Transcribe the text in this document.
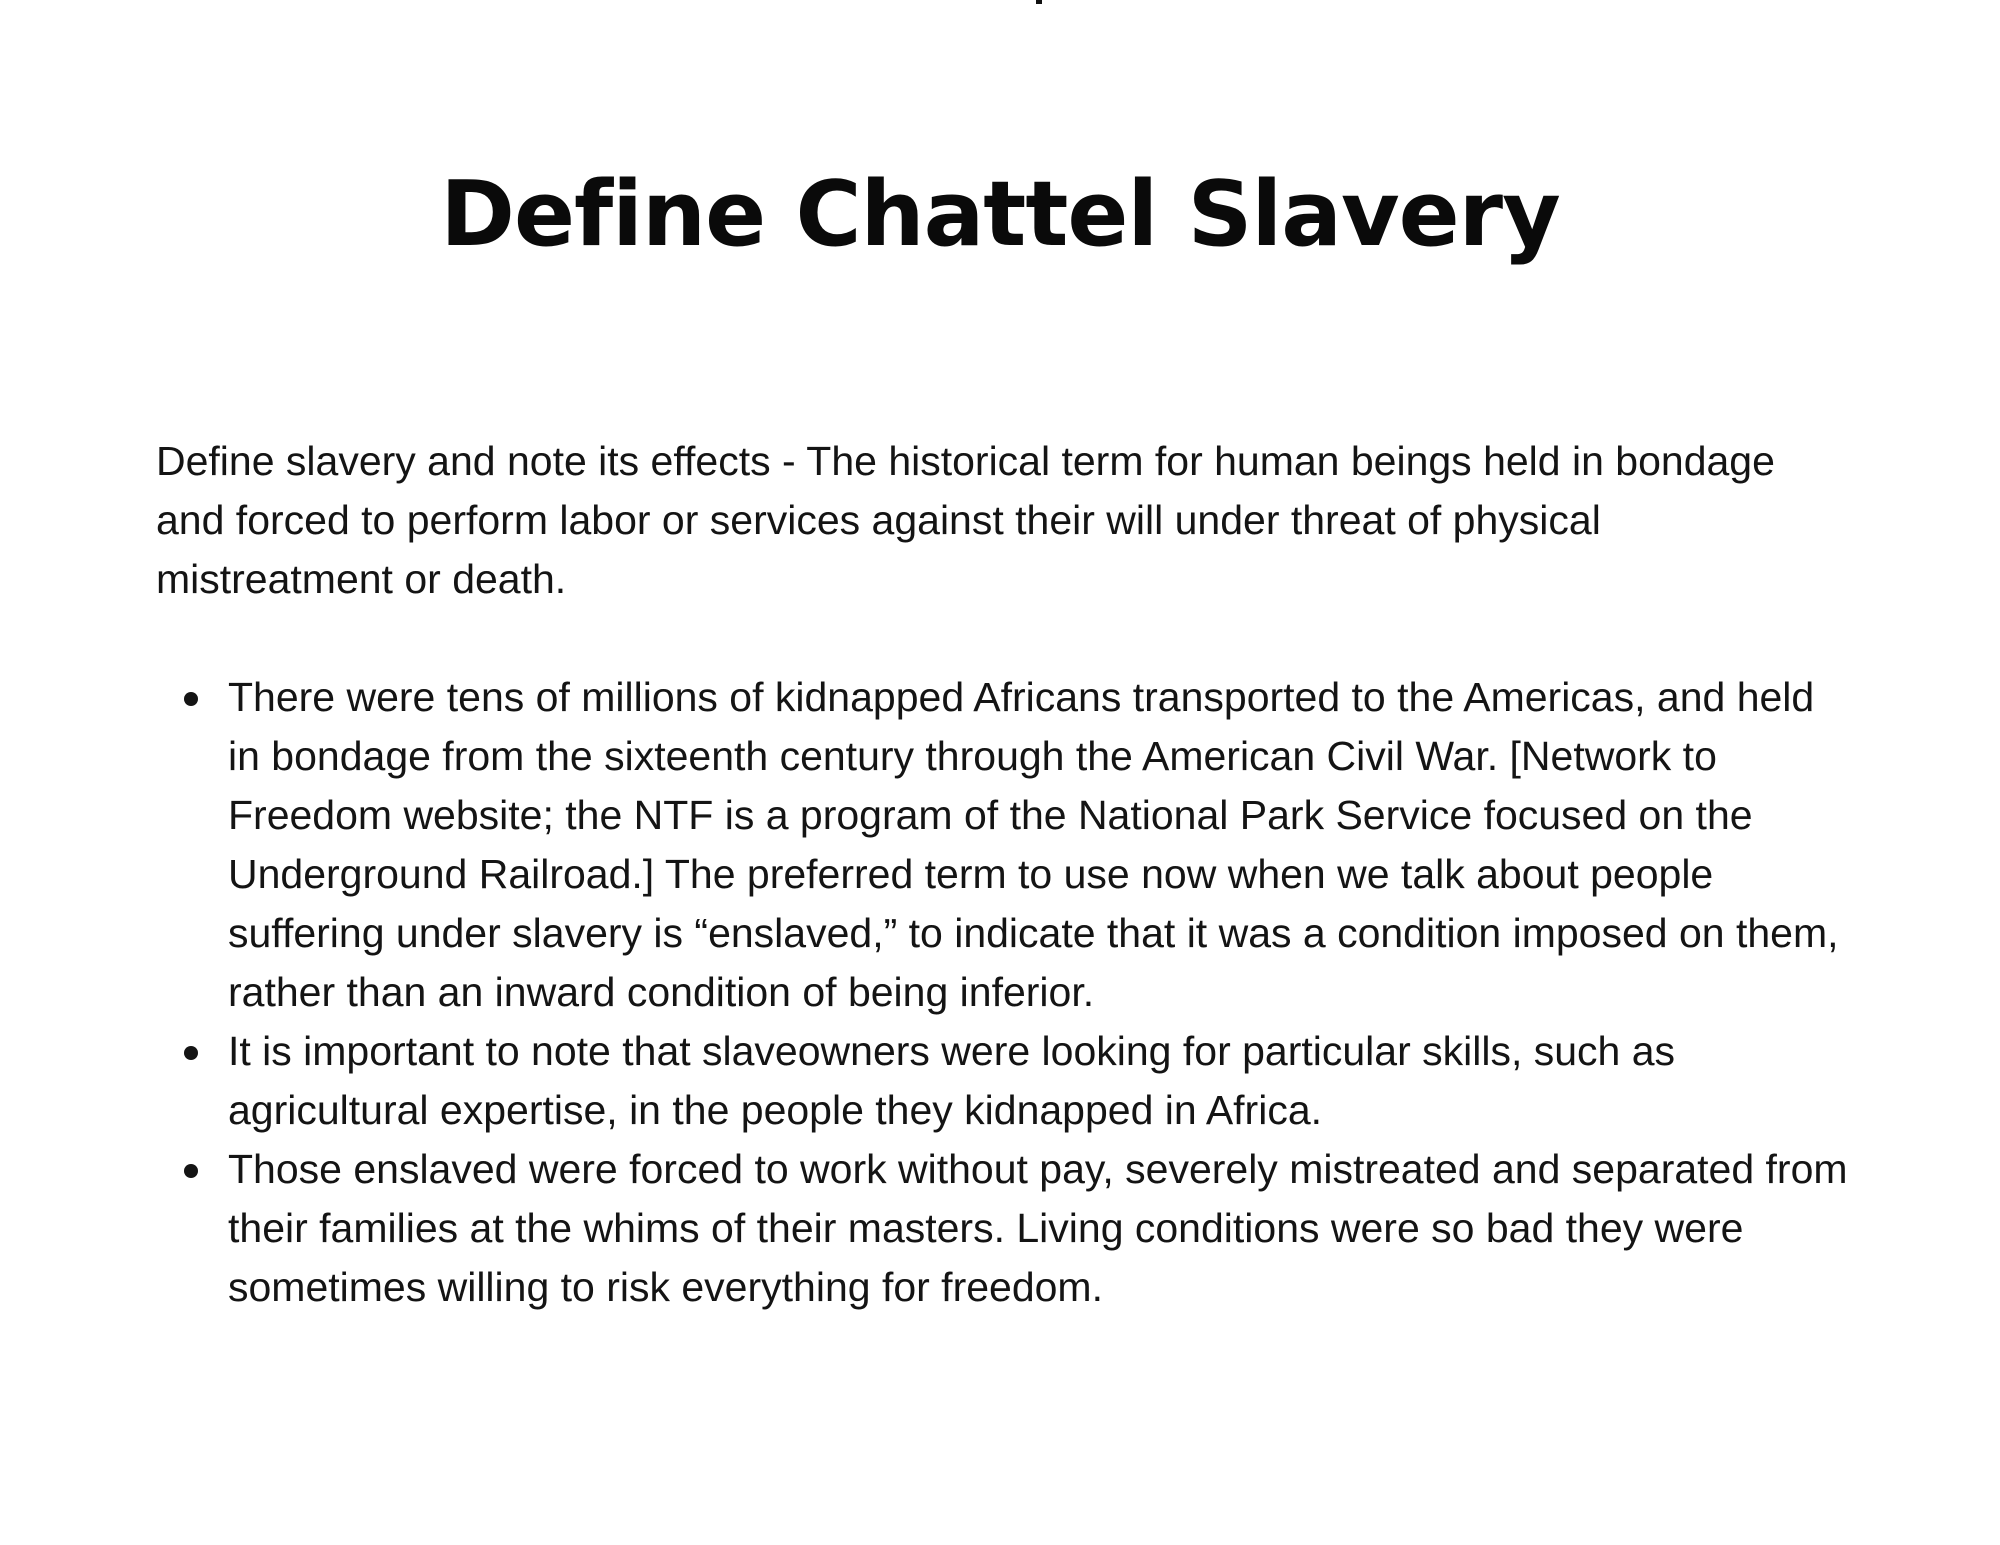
Define Chattel Slavery

Define slavery and note its effects - The historical term for human beings held in bondage and forced to perform labor or services against their will under threat of physical mistreatment or death.

There were tens of millions of kidnapped Africans transported to the Americas, and held in bondage from the sixteenth century through the American Civil War. [Network to Freedom website; the NTF is a program of the National Park Service focused on the Underground Railroad.] The preferred term to use now when we talk about people suffering under slavery is “enslaved,” to indicate that it was a condition imposed on them, rather than an inward condition of being inferior.
It is important to note that slaveowners were looking for particular skills, such as agricultural expertise, in the people they kidnapped in Africa.
Those enslaved were forced to work without pay, severely mistreated and separated from their families at the whims of their masters. Living conditions were so bad they were sometimes willing to risk everything for freedom.
